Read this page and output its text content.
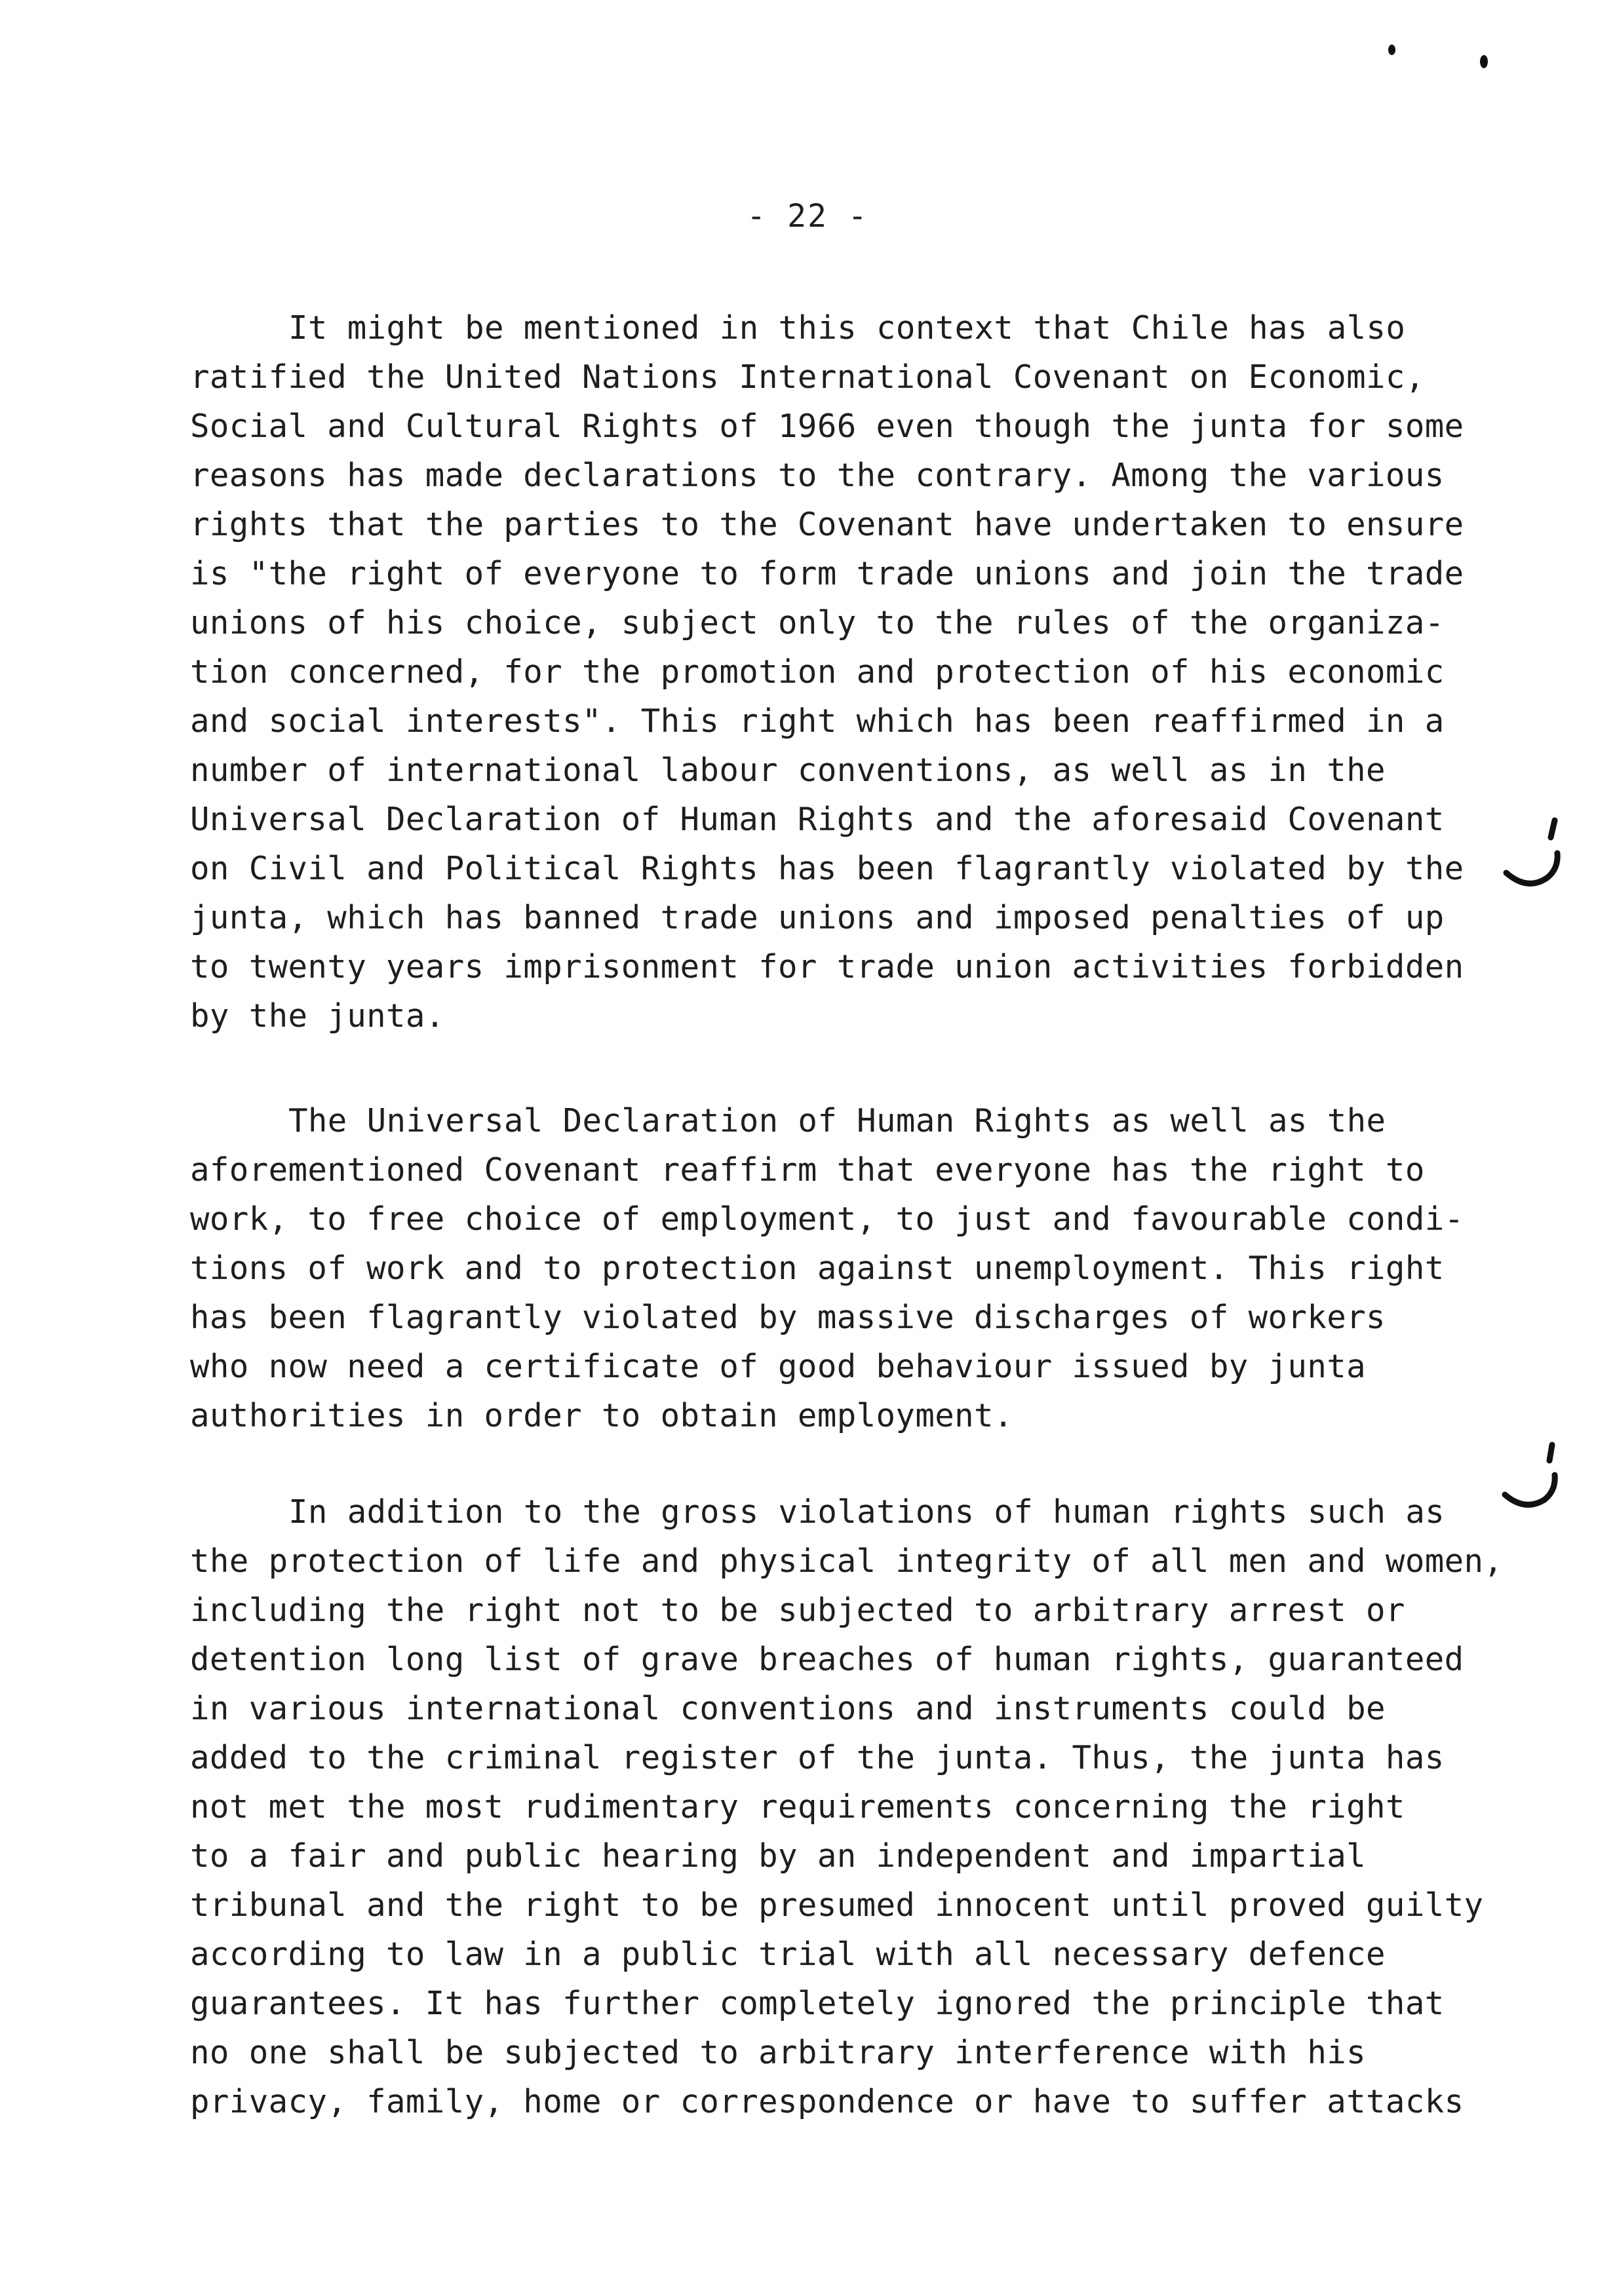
- 22 -
It might be mentioned in this context that Chile has also
ratified the United Nations International Covenant on Economic,
Social and Cultural Rights of 1966 even though the junta for some
reasons has made declarations to the contrary. Among the various
rights that the parties to the Covenant have undertaken to ensure
is "the right of everyone to form trade unions and join the trade
unions of his choice, subject only to the rules of the organiza-
tion concerned, for the promotion and protection of his economic
and social interests". This right which has been reaffirmed in a
number of international labour conventions, as well as in the
Universal Declaration of Human Rights and the aforesaid Covenant
on Civil and Political Rights has been flagrantly violated by the
junta, which has banned trade unions and imposed penalties of up
to twenty years imprisonment for trade union activities forbidden
by the junta.
The Universal Declaration of Human Rights as well as the
aforementioned Covenant reaffirm that everyone has the right to
work, to free choice of employment, to just and favourable condi-
tions of work and to protection against unemployment. This right
has been flagrantly violated by massive discharges of workers
who now need a certificate of good behaviour issued by junta
authorities in order to obtain employment.
In addition to the gross violations of human rights such as
the protection of life and physical integrity of all men and women,
including the right not to be subjected to arbitrary arrest or
detention long list of grave breaches of human rights, guaranteed
in various international conventions and instruments could be
added to the criminal register of the junta. Thus, the junta has
not met the most rudimentary requirements concerning the right
to a fair and public hearing by an independent and impartial
tribunal and the right to be presumed innocent until proved guilty
according to law in a public trial with all necessary defence
guarantees. It has further completely ignored the principle that
no one shall be subjected to arbitrary interference with his
privacy, family, home or correspondence or have to suffer attacks
